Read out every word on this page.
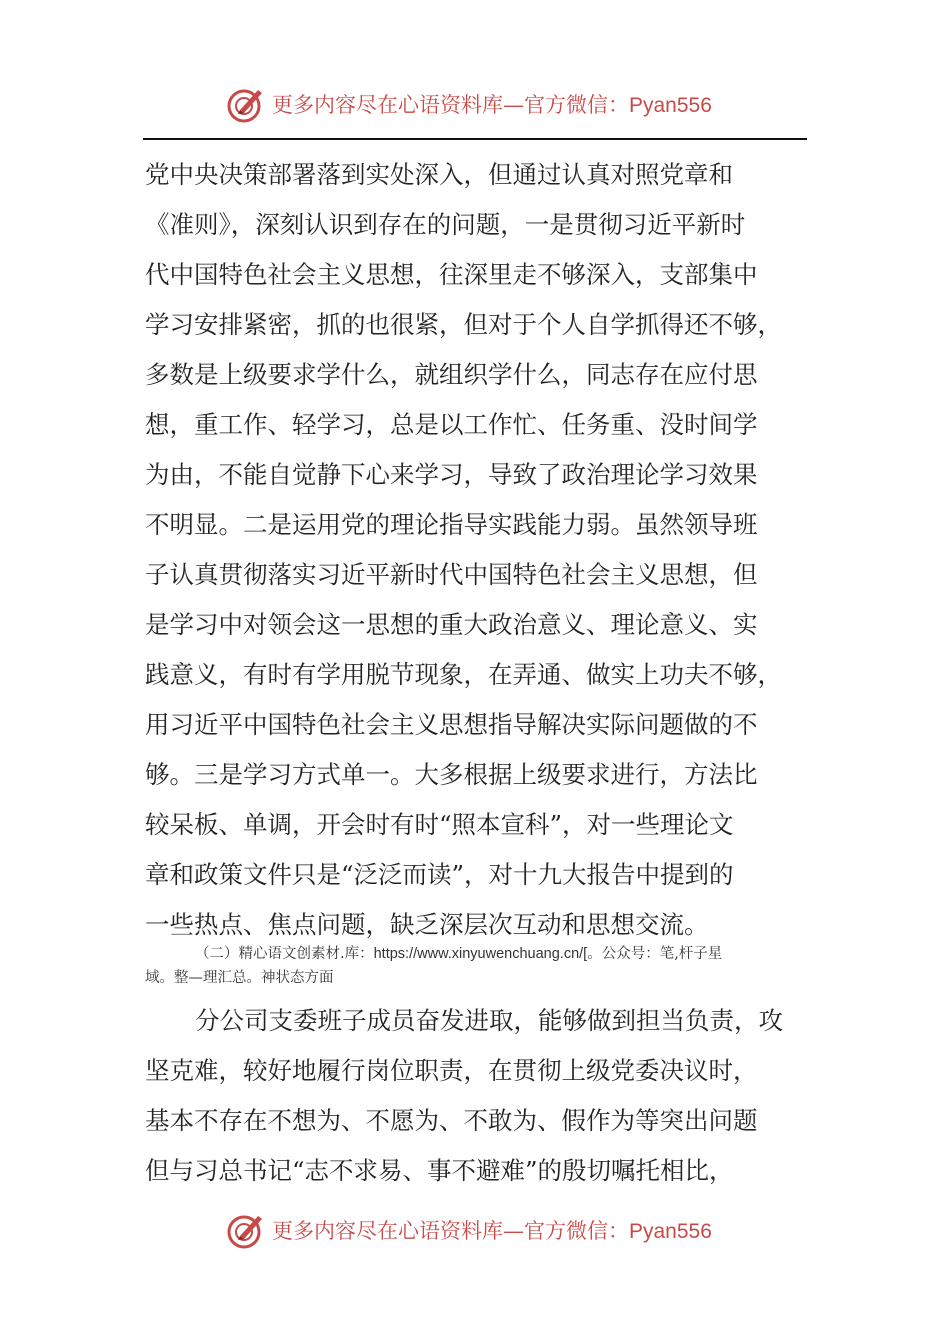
更多内容尽在心语资料库—官方微信：Pyan556
党中央决策部署落到实处深入，但通过认真对照党章和
《准则》，深刻认识到存在的问题，一是贯彻习近平新时
代中国特色社会主义思想，往深里走不够深入，支部集中
学习安排紧密，抓的也很紧，但对于个人自学抓得还不够，
多数是上级要求学什么，就组织学什么，同志存在应付思
想，重工作、轻学习，总是以工作忙、任务重、没时间学
为由，不能自觉静下心来学习，导致了政治理论学习效果
不明显。二是运用党的理论指导实践能力弱。虽然领导班
子认真贯彻落实习近平新时代中国特色社会主义思想，但
是学习中对领会这一思想的重大政治意义、理论意义、实
践意义，有时有学用脱节现象，在弄通、做实上功夫不够，
用习近平中国特色社会主义思想指导解决实际问题做的不
够。三是学习方式单一。大多根据上级要求进行，方法比
较呆板、单调，开会时有时“照本宣科”，对一些理论文
章和政策文件只是“泛泛而读”，对十九大报告中提到的
一些热点、焦点问题，缺乏深层次互动和思想交流。
（二）精心语文创素材.库：https://www.xinyuwenchuang.cn/[。公众号：笔,杆子星
域。整—理汇总。神状态方面
分公司支委班子成员奋发进取，能够做到担当负责，攻
坚克难，较好地履行岗位职责，在贯彻上级党委决议时，
基本不存在不想为、不愿为、不敢为、假作为等突出问题
但与习总书记“志不求易、事不避难”的殷切嘱托相比，
更多内容尽在心语资料库—官方微信：Pyan556
